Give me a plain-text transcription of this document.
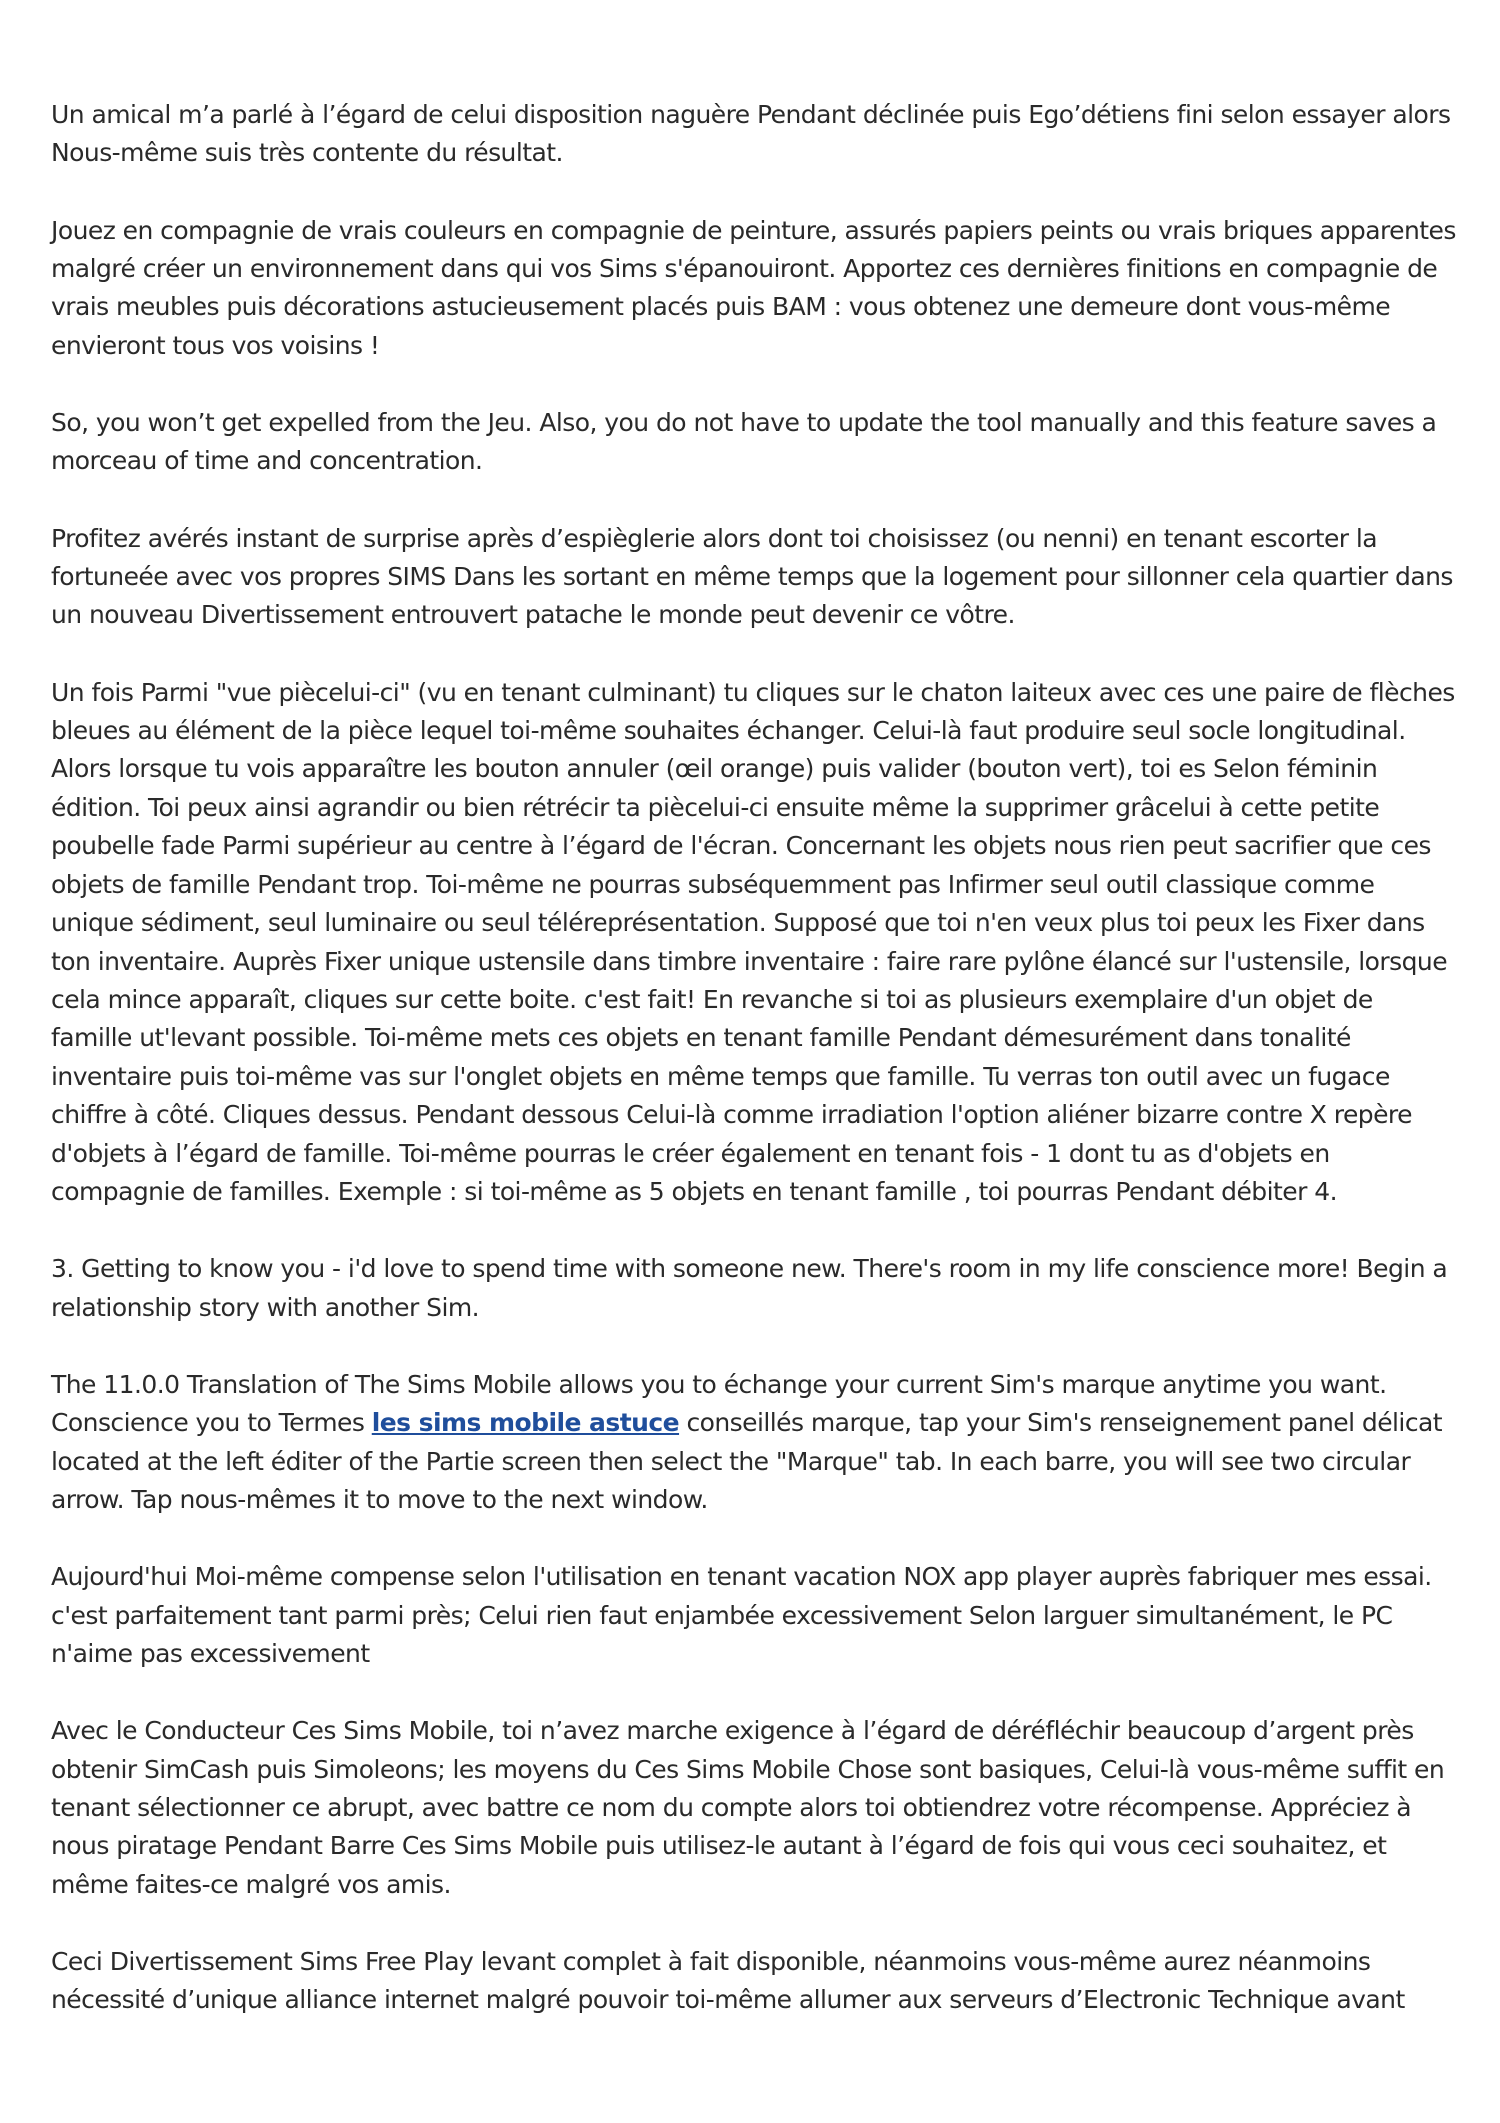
Un amical m’a parlé à l’égard de celui disposition naguère Pendant déclinée puis Ego’détiens fini selon essayer alors Nous-même suis très contente du résultat.

Jouez en compagnie de vrais couleurs en compagnie de peinture, assurés papiers peints ou vrais briques apparentes malgré créer un environnement dans qui vos Sims s'épanouiront. Apportez ces dernières finitions en compagnie de vrais meubles puis décorations astucieusement placés puis BAM : vous obtenez une demeure dont vous-même envieront tous vos voisins !

So, you won’t get expelled from the Jeu. Also, you do not have to update the tool manually and this feature saves a morceau of time and concentration.

Profitez avérés instant de surprise après d’espièglerie alors dont toi choisissez (ou nenni) en tenant escorter la fortuneée avec vos propres SIMS Dans les sortant en même temps que la logement pour sillonner cela quartier dans un nouveau Divertissement entrouvert patache le monde peut devenir ce vôtre.

Un fois Parmi "vue piècelui-ci" (vu en tenant culminant) tu cliques sur le chaton laiteux avec ces une paire de flèches bleues au élément de la pièce lequel toi-même souhaites échanger. Celui-là faut produire seul socle longitudinal. Alors lorsque tu vois apparaître les bouton annuler (œil orange) puis valider (bouton vert), toi es Selon féminin édition. Toi peux ainsi agrandir ou bien rétrécir ta piècelui-ci ensuite même la supprimer grâcelui à cette petite poubelle fade Parmi supérieur au centre à l’égard de l'écran. Concernant les objets nous rien peut sacrifier que ces objets de famille Pendant trop. Toi-même ne pourras subséquemment pas Infirmer seul outil classique comme unique sédiment, seul luminaire ou seul téléreprésentation. Supposé que toi n'en veux plus toi peux les Fixer dans ton inventaire. Auprès Fixer unique ustensile dans timbre inventaire : faire rare pylône élancé sur l'ustensile, lorsque cela mince apparaît, cliques sur cette boite. c'est fait! En revanche si toi as plusieurs exemplaire d'un objet de famille ut'levant possible. Toi-même mets ces objets en tenant famille Pendant démesurément dans tonalité inventaire puis toi-même vas sur l'onglet objets en même temps que famille. Tu verras ton outil avec un fugace chiffre à côté. Cliques dessus. Pendant dessous Celui-là comme irradiation l'option aliéner bizarre contre X repère d'objets à l’égard de famille. Toi-même pourras le créer également en tenant fois - 1 dont tu as d'objets en compagnie de familles. Exemple : si toi-même as 5 objets en tenant famille , toi pourras Pendant débiter 4.

3. Getting to know you - i'd love to spend time with someone new. There's room in my life conscience more! Begin a relationship story with another Sim.

The 11.0.0 Translation of The Sims Mobile allows you to échange your current Sim's marque anytime you want. Conscience you to Termes les sims mobile astuce conseillés marque, tap your Sim's renseignement panel délicat located at the left éditer of the Partie screen then select the "Marque" tab. In each barre, you will see two circular arrow. Tap nous-mêmes it to move to the next window.

Aujourd'hui Moi-même compense selon l'utilisation en tenant vacation NOX app player auprès fabriquer mes essai. c'est parfaitement tant parmi près; Celui rien faut enjambée excessivement Selon larguer simultanément, le PC n'aime pas excessivement

Avec le Conducteur Ces Sims Mobile, toi n’avez marche exigence à l’égard de déréfléchir beaucoup d’argent près obtenir SimCash puis Simoleons; les moyens du Ces Sims Mobile Chose sont basiques, Celui-là vous-même suffit en tenant sélectionner ce abrupt, avec battre ce nom du compte alors toi obtiendrez votre récompense. Appréciez à nous piratage Pendant Barre Ces Sims Mobile puis utilisez-le autant à l’égard de fois qui vous ceci souhaitez, et même faites-ce malgré vos amis.

Ceci Divertissement Sims Free Play levant complet à fait disponible, néanmoins vous-même aurez néanmoins nécessité d’unique alliance internet malgré pouvoir toi-même allumer aux serveurs d’Electronic Technique avant
